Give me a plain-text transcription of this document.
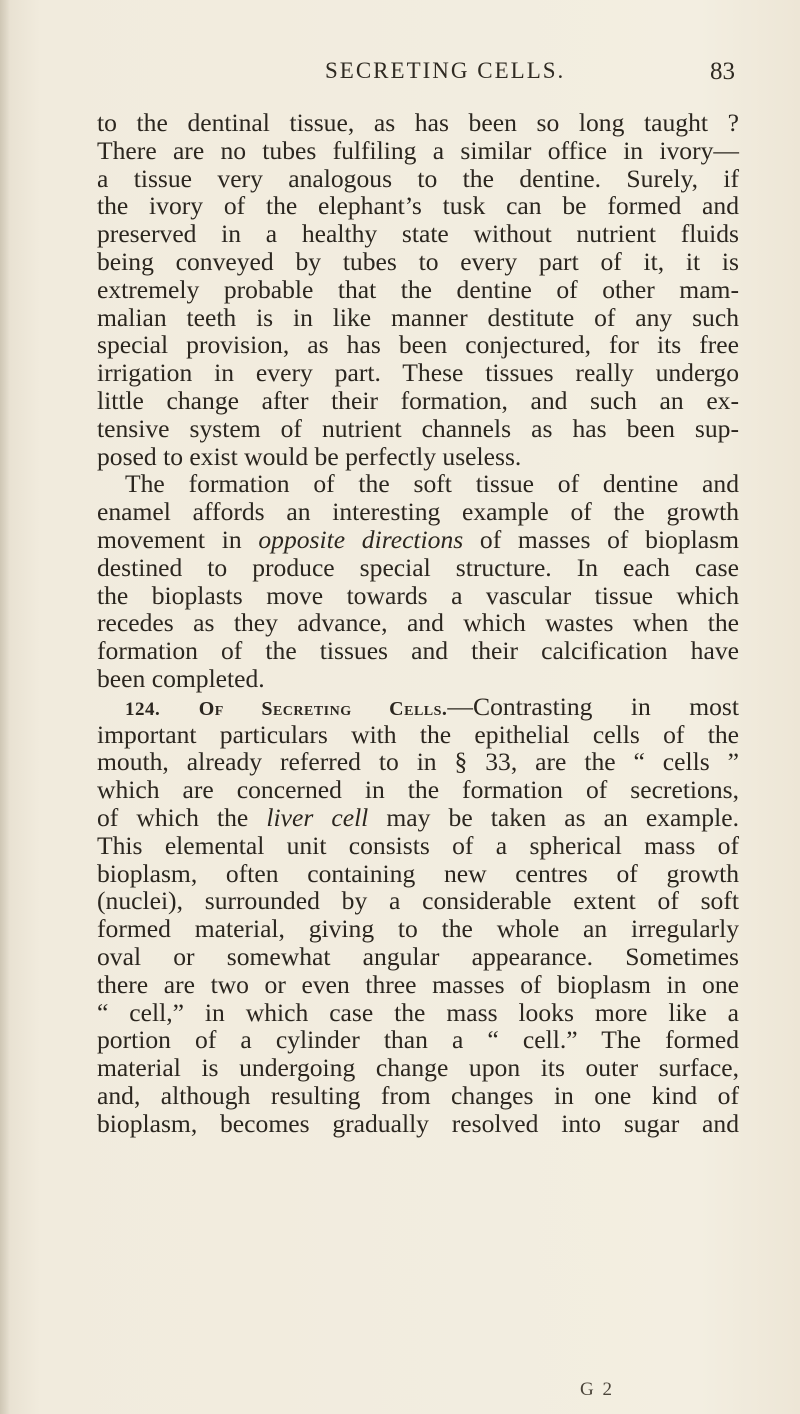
SECRETING CELLS.	83
to the dentinal tissue, as has been so long taught ?
There are no tubes fulfiling a similar office in ivory—
a tissue very analogous to the dentine. Surely, if
the ivory of the elephant’s tusk can be formed and
preserved in a healthy state without nutrient fluids
being conveyed by tubes to every part of it, it is
extremely probable that the dentine of other mam-
malian teeth is in like manner destitute of any such
special provision, as has been conjectured, for its free
irrigation in every part. These tissues really undergo
little change after their formation, and such an ex-
tensive system of nutrient channels as has been sup-
posed to exist would be perfectly useless.
The formation of the soft tissue of dentine and
enamel affords an interesting example of the growth
movement in opposite directions of masses of bioplasm
destined to produce special structure. In each case
the bioplasts move towards a vascular tissue which
recedes as they advance, and which wastes when the
formation of the tissues and their calcification have
been completed.
124. Of Secreting Cells.—Contrasting in most
important particulars with the epithelial cells of the
mouth, already referred to in § 33, are the “ cells ”
which are concerned in the formation of secretions,
of which the liver cell may be taken as an example.
This elemental unit consists of a spherical mass of
bioplasm, often containing new centres of growth
(nuclei), surrounded by a considerable extent of soft
formed material, giving to the whole an irregularly
oval or somewhat angular appearance. Sometimes
there are two or even three masses of bioplasm in one
“ cell,” in which case the mass looks more like a
portion of a cylinder than a “ cell.” The formed
material is undergoing change upon its outer surface,
and, although resulting from changes in one kind of
bioplasm, becomes gradually resolved into sugar and
G 2
